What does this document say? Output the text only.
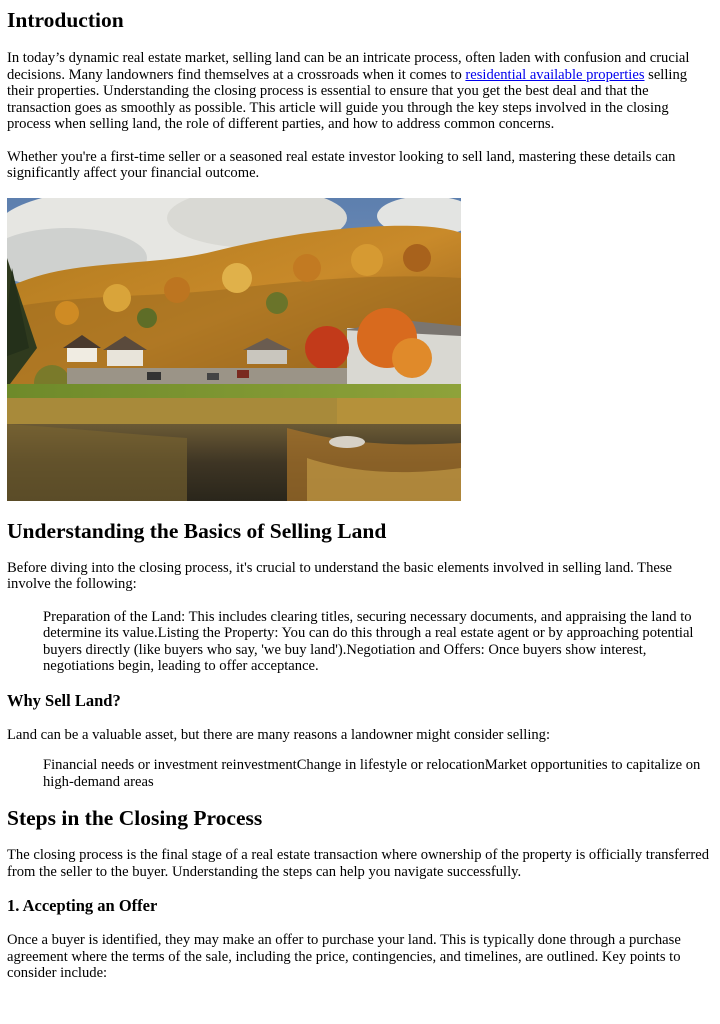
Introduction

In today’s dynamic real estate market, selling land can be an intricate process, often laden with confusion and crucial decisions. Many landowners find themselves at a crossroads when it comes to residential available properties selling their properties. Understanding the closing process is essential to ensure that you get the best deal and that the transaction goes as smoothly as possible. This article will guide you through the key steps involved in the closing process when selling land, the role of different parties, and how to address common concerns.

Whether you're a first-time seller or a seasoned real estate investor looking to sell land, mastering these details can significantly affect your financial outcome.

Understanding the Basics of Selling Land

Before diving into the closing process, it's crucial to understand the basic elements involved in selling land. These involve the following:

Preparation of the Land: This includes clearing titles, securing necessary documents, and appraising the land to determine its value.Listing the Property: You can do this through a real estate agent or by approaching potential buyers directly (like buyers who say, 'we buy land').Negotiation and Offers: Once buyers show interest, negotiations begin, leading to offer acceptance.
Why Sell Land?

Land can be a valuable asset, but there are many reasons a landowner might consider selling:

Financial needs or investment reinvestmentChange in lifestyle or relocationMarket opportunities to capitalize on high-demand areas
Steps in the Closing Process

The closing process is the final stage of a real estate transaction where ownership of the property is officially transferred from the seller to the buyer. Understanding the steps can help you navigate successfully.

1. Accepting an Offer

Once a buyer is identified, they may make an offer to purchase your land. This is typically done through a purchase agreement where the terms of the sale, including the price, contingencies, and timelines, are outlined. Key points to consider include:
